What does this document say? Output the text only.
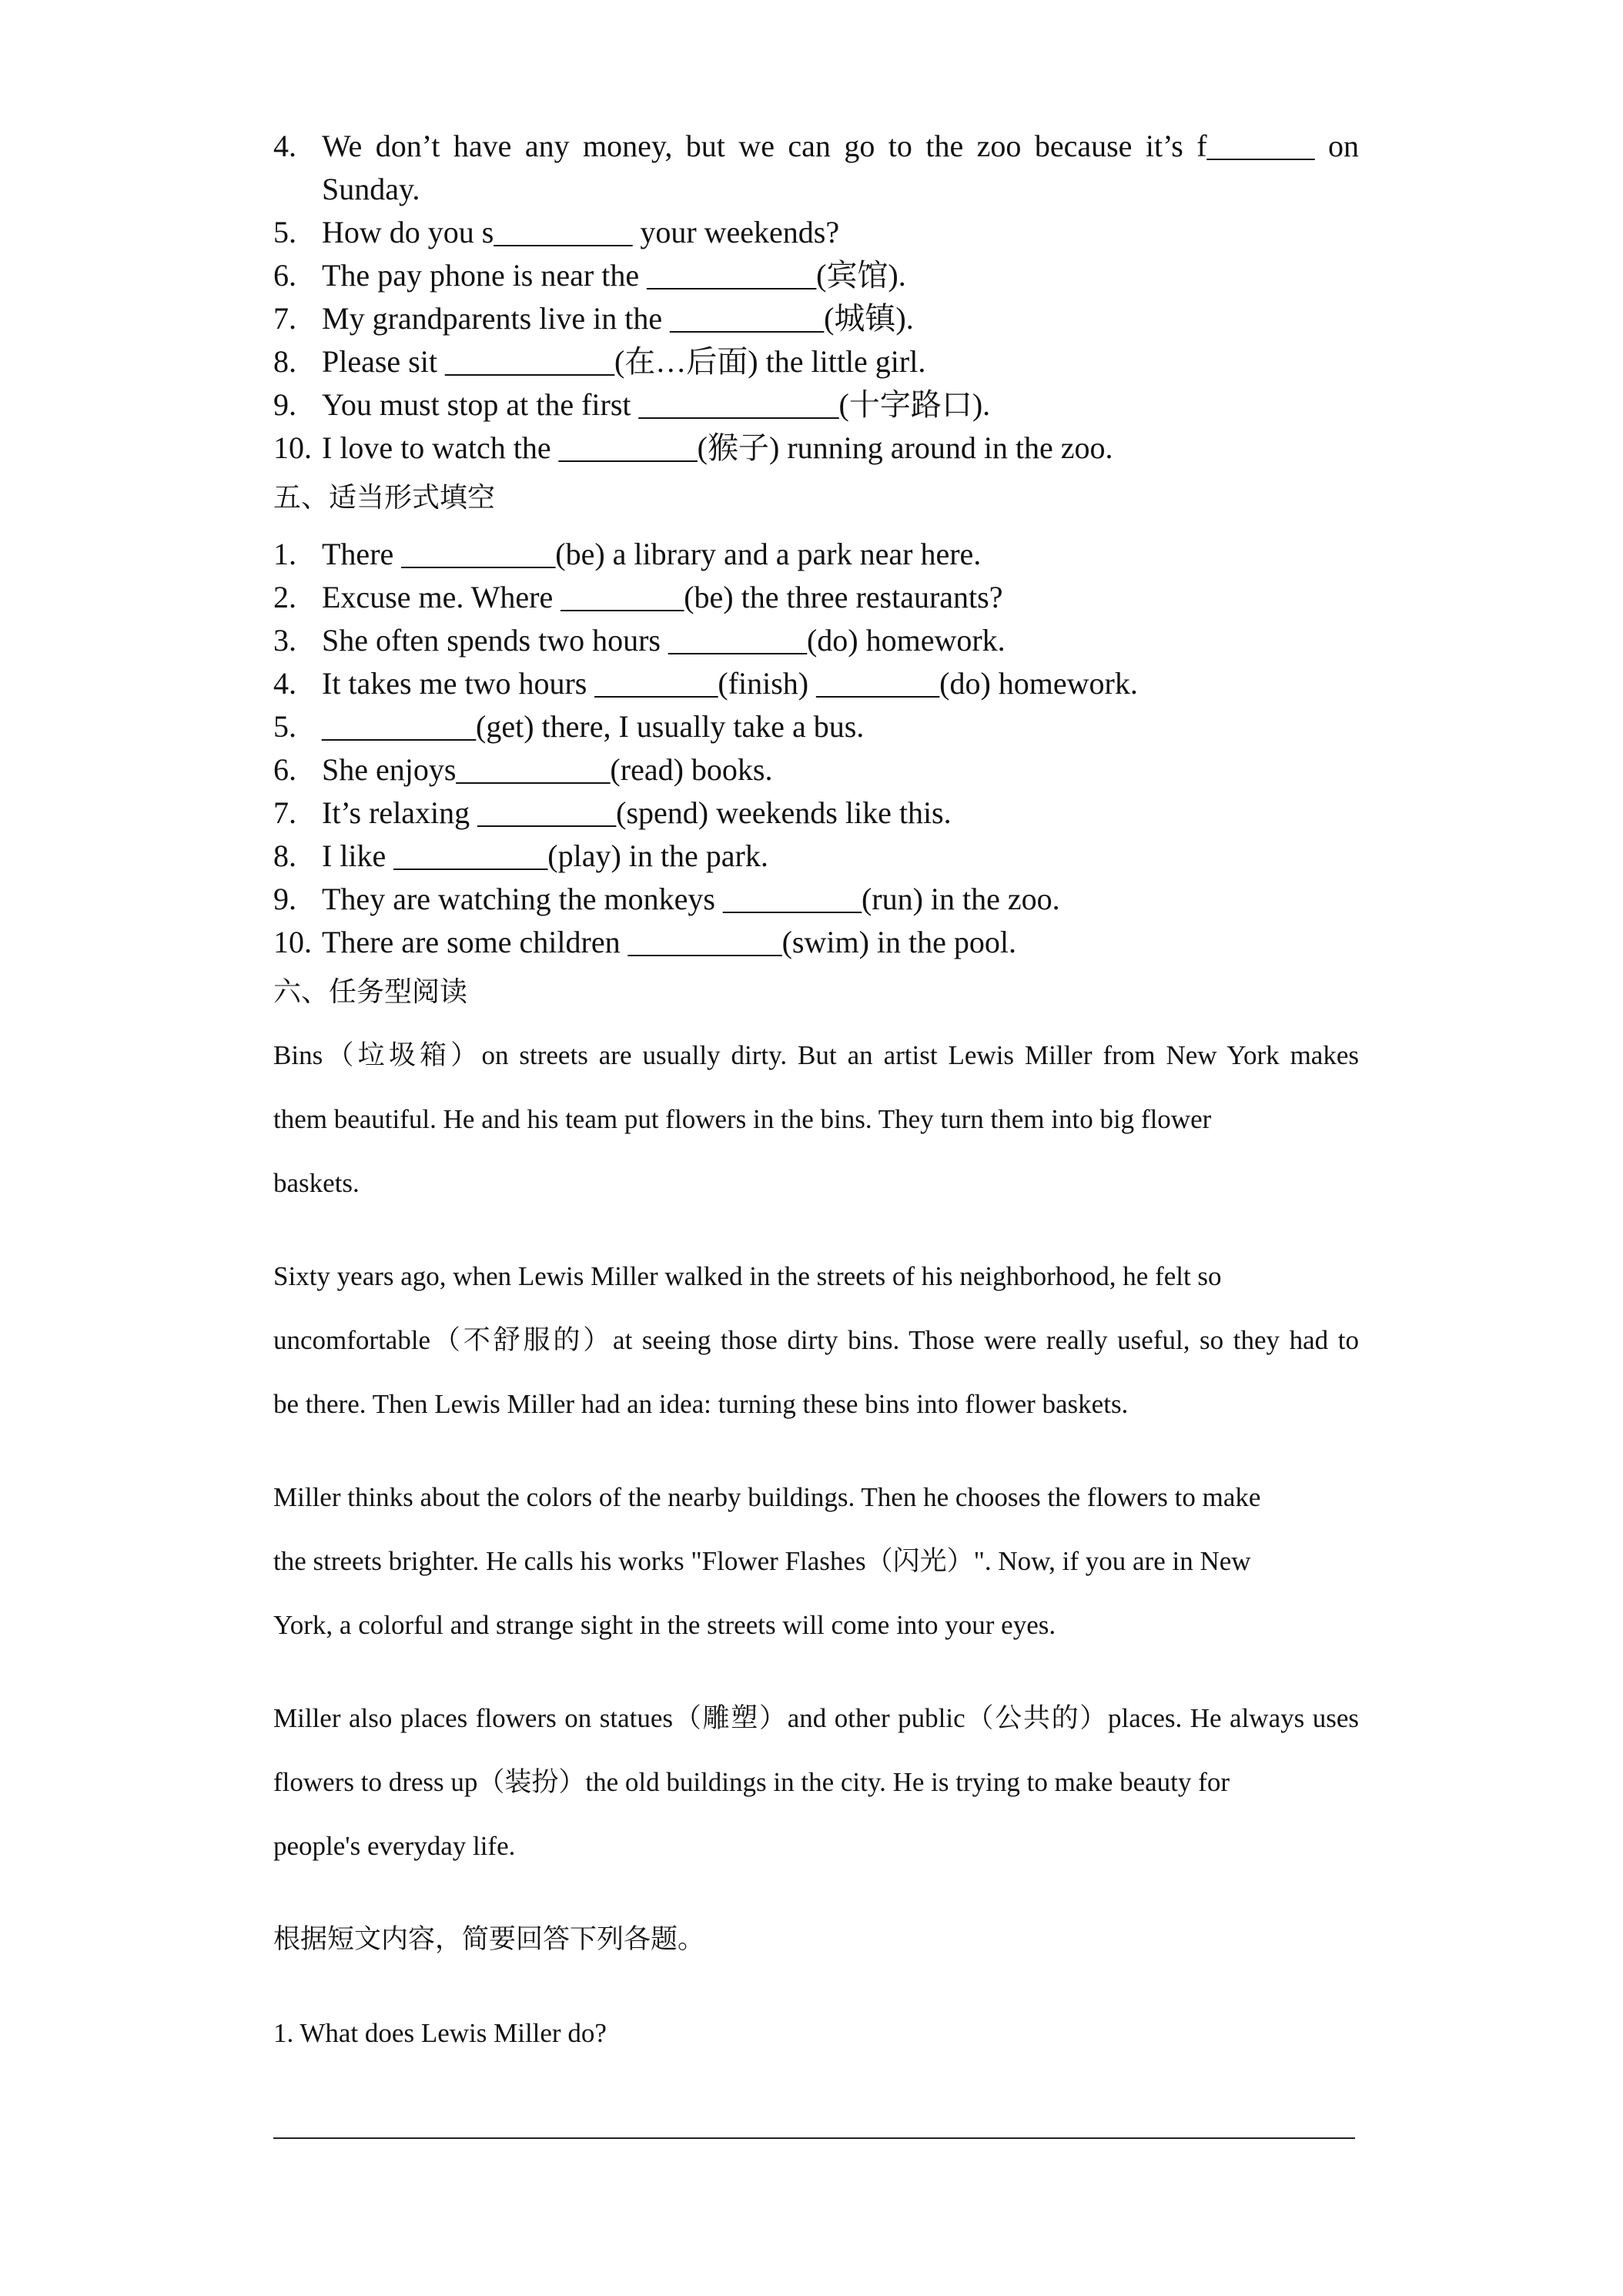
4. We don’t have any money, but we can go to the zoo because it’s f_______ on
Sunday.
5. How do you s_________ your weekends?
6. The pay phone is near the ___________(宾馆).
7. My grandparents live in the __________(城镇).
8. Please sit ___________(在…后面) the little girl.
9. You must stop at the first _____________(十字路口).
10. I love to watch the _________(猴子) running around in the zoo.
五、适当形式填空
1. There __________(be) a library and a park near here.
2. Excuse me. Where ________(be) the three restaurants?
3. She often spends two hours _________(do) homework.
4. It takes me two hours ________(finish) ________(do) homework.
5. __________(get) there, I usually take a bus.
6. She enjoys__________(read) books.
7. It’s relaxing _________(spend) weekends like this.
8. I like __________(play) in the park.
9. They are watching the monkeys _________(run) in the zoo.
10. There are some children __________(swim) in the pool.
六、任务型阅读
Bins（垃圾箱）on streets are usually dirty. But an artist Lewis Miller from New York makes
them beautiful. He and his team put flowers in the bins. They turn them into big flower
baskets.
Sixty years ago, when Lewis Miller walked in the streets of his neighborhood, he felt so
uncomfortable（不舒服的）at seeing those dirty bins. Those were really useful, so they had to
be there. Then Lewis Miller had an idea: turning these bins into flower baskets.
Miller thinks about the colors of the nearby buildings. Then he chooses the flowers to make
the streets brighter. He calls his works "Flower Flashes（闪光）". Now, if you are in New
York, a colorful and strange sight in the streets will come into your eyes.
Miller also places flowers on statues（雕塑）and other public（公共的）places. He always uses
flowers to dress up（装扮）the old buildings in the city. He is trying to make beauty for
people's everyday life.
根据短文内容，简要回答下列各题。
1. What does Lewis Miller do?
